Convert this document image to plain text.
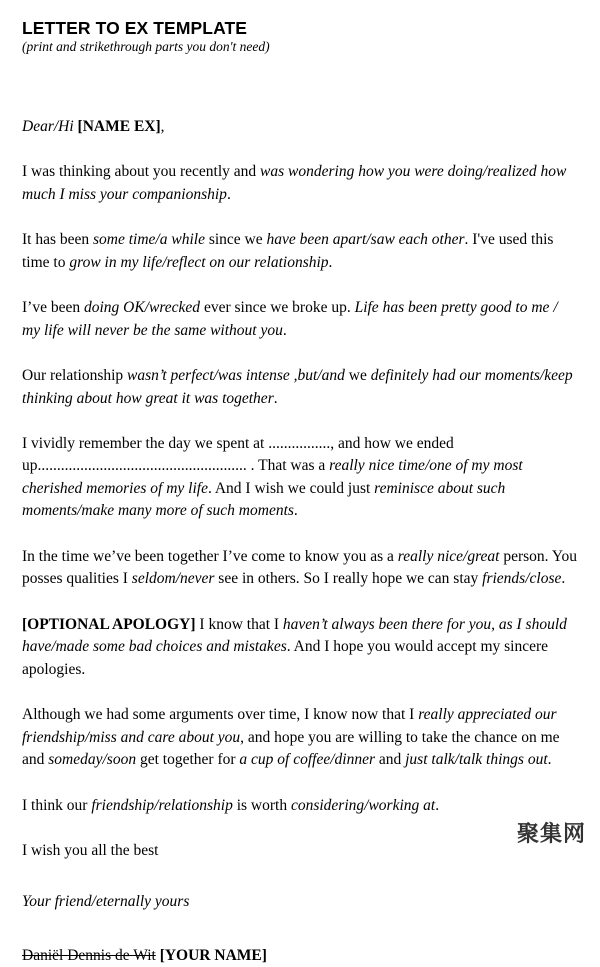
LETTER TO EX TEMPLATE

(print and strikethrough parts you don't need)

Dear/Hi [NAME EX],

I was thinking about you recently and was wondering how you were doing/realized how much I miss your companionship.

It has been some time/a while since we have been apart/saw each other. I've used this time to grow in my life/reflect on our relationship.

I’ve been doing OK/wrecked ever since we broke up. Life has been pretty good to me / my life will never be the same without you.

Our relationship wasn’t perfect/was intense ,but/and we definitely had our moments/keep thinking about how great it was together.

I vividly remember the day we spent at ................, and how we ended up...................................................... . That was a really nice time/one of my most cherished memories of my life. And I wish we could just reminisce about such moments/make many more of such moments.

In the time we’ve been together I’ve come to know you as a really nice/great person. You posses qualities I seldom/never see in others. So I really hope we can stay friends/close.

[OPTIONAL APOLOGY] I know that I haven’t always been there for you, as I should have/made some bad choices and mistakes. And I hope you would accept my sincere apologies.

Although we had some arguments over time, I know now that I really appreciated our friendship/miss and care about you, and hope you are willing to take the chance on me and someday/soon get together for a cup of coffee/dinner and just talk/talk things out.

I think our friendship/relationship is worth considering/working at.

I wish you all the best

Your friend/eternally yours

Daniël Dennis de Wit [YOUR NAME]

聚集网
